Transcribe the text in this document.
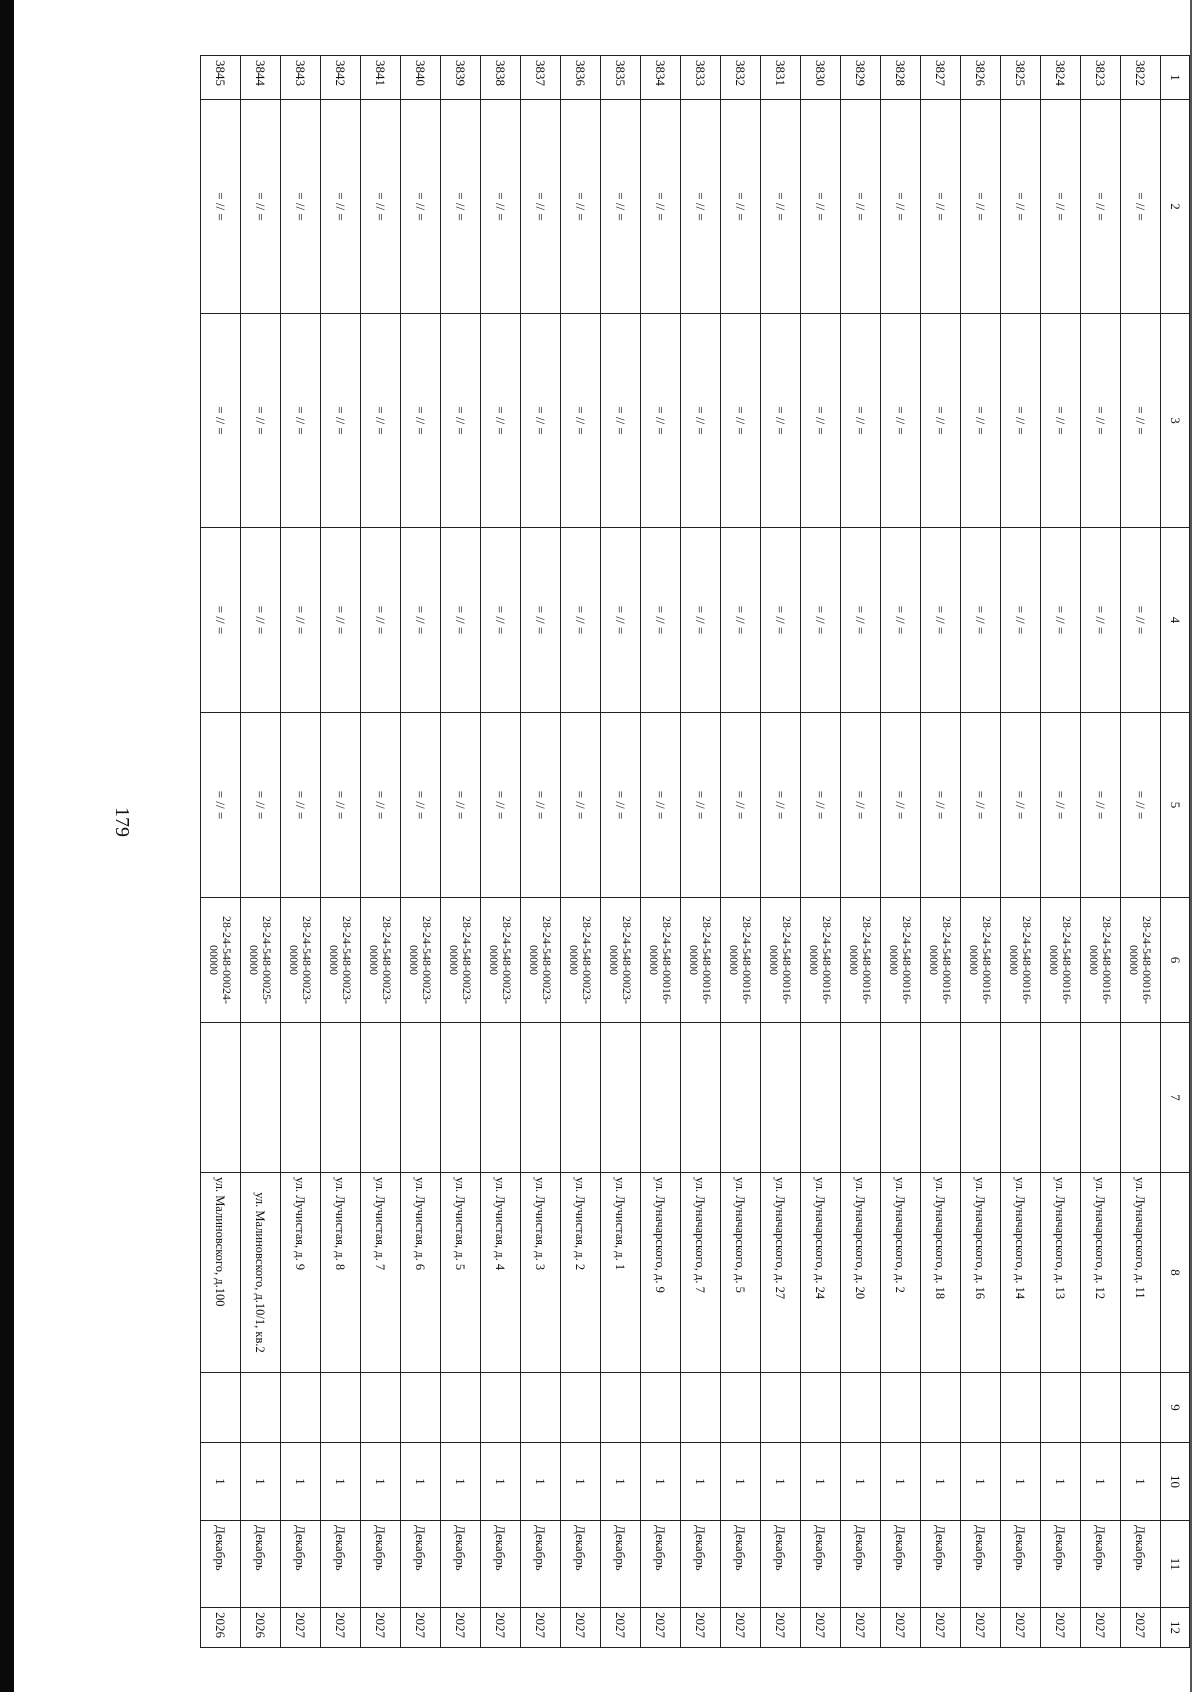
179
1	2	3	4	5	6	7	8	9	10	11	12
3822	= // =	= // =	= // =	= // =	28-24-548-00016-00000		ул. Луначарского, д. 11		1	Декабрь	2027
3823	= // =	= // =	= // =	= // =	28-24-548-00016-00000		ул. Луначарского, д. 12		1	Декабрь	2027
3824	= // =	= // =	= // =	= // =	28-24-548-00016-00000		ул. Луначарского, д. 13		1	Декабрь	2027
3825	= // =	= // =	= // =	= // =	28-24-548-00016-00000		ул. Луначарского, д. 14		1	Декабрь	2027
3826	= // =	= // =	= // =	= // =	28-24-548-00016-00000		ул. Луначарского, д. 16		1	Декабрь	2027
3827	= // =	= // =	= // =	= // =	28-24-548-00016-00000		ул. Луначарского, д. 18		1	Декабрь	2027
3828	= // =	= // =	= // =	= // =	28-24-548-00016-00000		ул. Луначарского, д. 2		1	Декабрь	2027
3829	= // =	= // =	= // =	= // =	28-24-548-00016-00000		ул. Луначарского, д. 20		1	Декабрь	2027
3830	= // =	= // =	= // =	= // =	28-24-548-00016-00000		ул. Луначарского, д. 24		1	Декабрь	2027
3831	= // =	= // =	= // =	= // =	28-24-548-00016-00000		ул. Луначарского, д. 27		1	Декабрь	2027
3832	= // =	= // =	= // =	= // =	28-24-548-00016-00000		ул. Луначарского, д. 5		1	Декабрь	2027
3833	= // =	= // =	= // =	= // =	28-24-548-00016-00000		ул. Луначарского, д. 7		1	Декабрь	2027
3834	= // =	= // =	= // =	= // =	28-24-548-00016-00000		ул. Луначарского, д. 9		1	Декабрь	2027
3835	= // =	= // =	= // =	= // =	28-24-548-00023-00000		ул. Лучистая, д. 1		1	Декабрь	2027
3836	= // =	= // =	= // =	= // =	28-24-548-00023-00000		ул. Лучистая, д. 2		1	Декабрь	2027
3837	= // =	= // =	= // =	= // =	28-24-548-00023-00000		ул. Лучистая, д. 3		1	Декабрь	2027
3838	= // =	= // =	= // =	= // =	28-24-548-00023-00000		ул. Лучистая, д. 4		1	Декабрь	2027
3839	= // =	= // =	= // =	= // =	28-24-548-00023-00000		ул. Лучистая, д. 5		1	Декабрь	2027
3840	= // =	= // =	= // =	= // =	28-24-548-00023-00000		ул. Лучистая, д. 6		1	Декабрь	2027
3841	= // =	= // =	= // =	= // =	28-24-548-00023-00000		ул. Лучистая, д. 7		1	Декабрь	2027
3842	= // =	= // =	= // =	= // =	28-24-548-00023-00000		ул. Лучистая, д. 8		1	Декабрь	2027
3843	= // =	= // =	= // =	= // =	28-24-548-00023-00000		ул. Лучистая, д. 9		1	Декабрь	2027
3844	= // =	= // =	= // =	= // =	28-24-548-00025-00000		ул. Малиновского, д.10/1, кв.2		1	Декабрь	2026
3845	= // =	= // =	= // =	= // =	28-24-548-00024-00000		ул. Малиновского, д.100		1	Декабрь	2026
